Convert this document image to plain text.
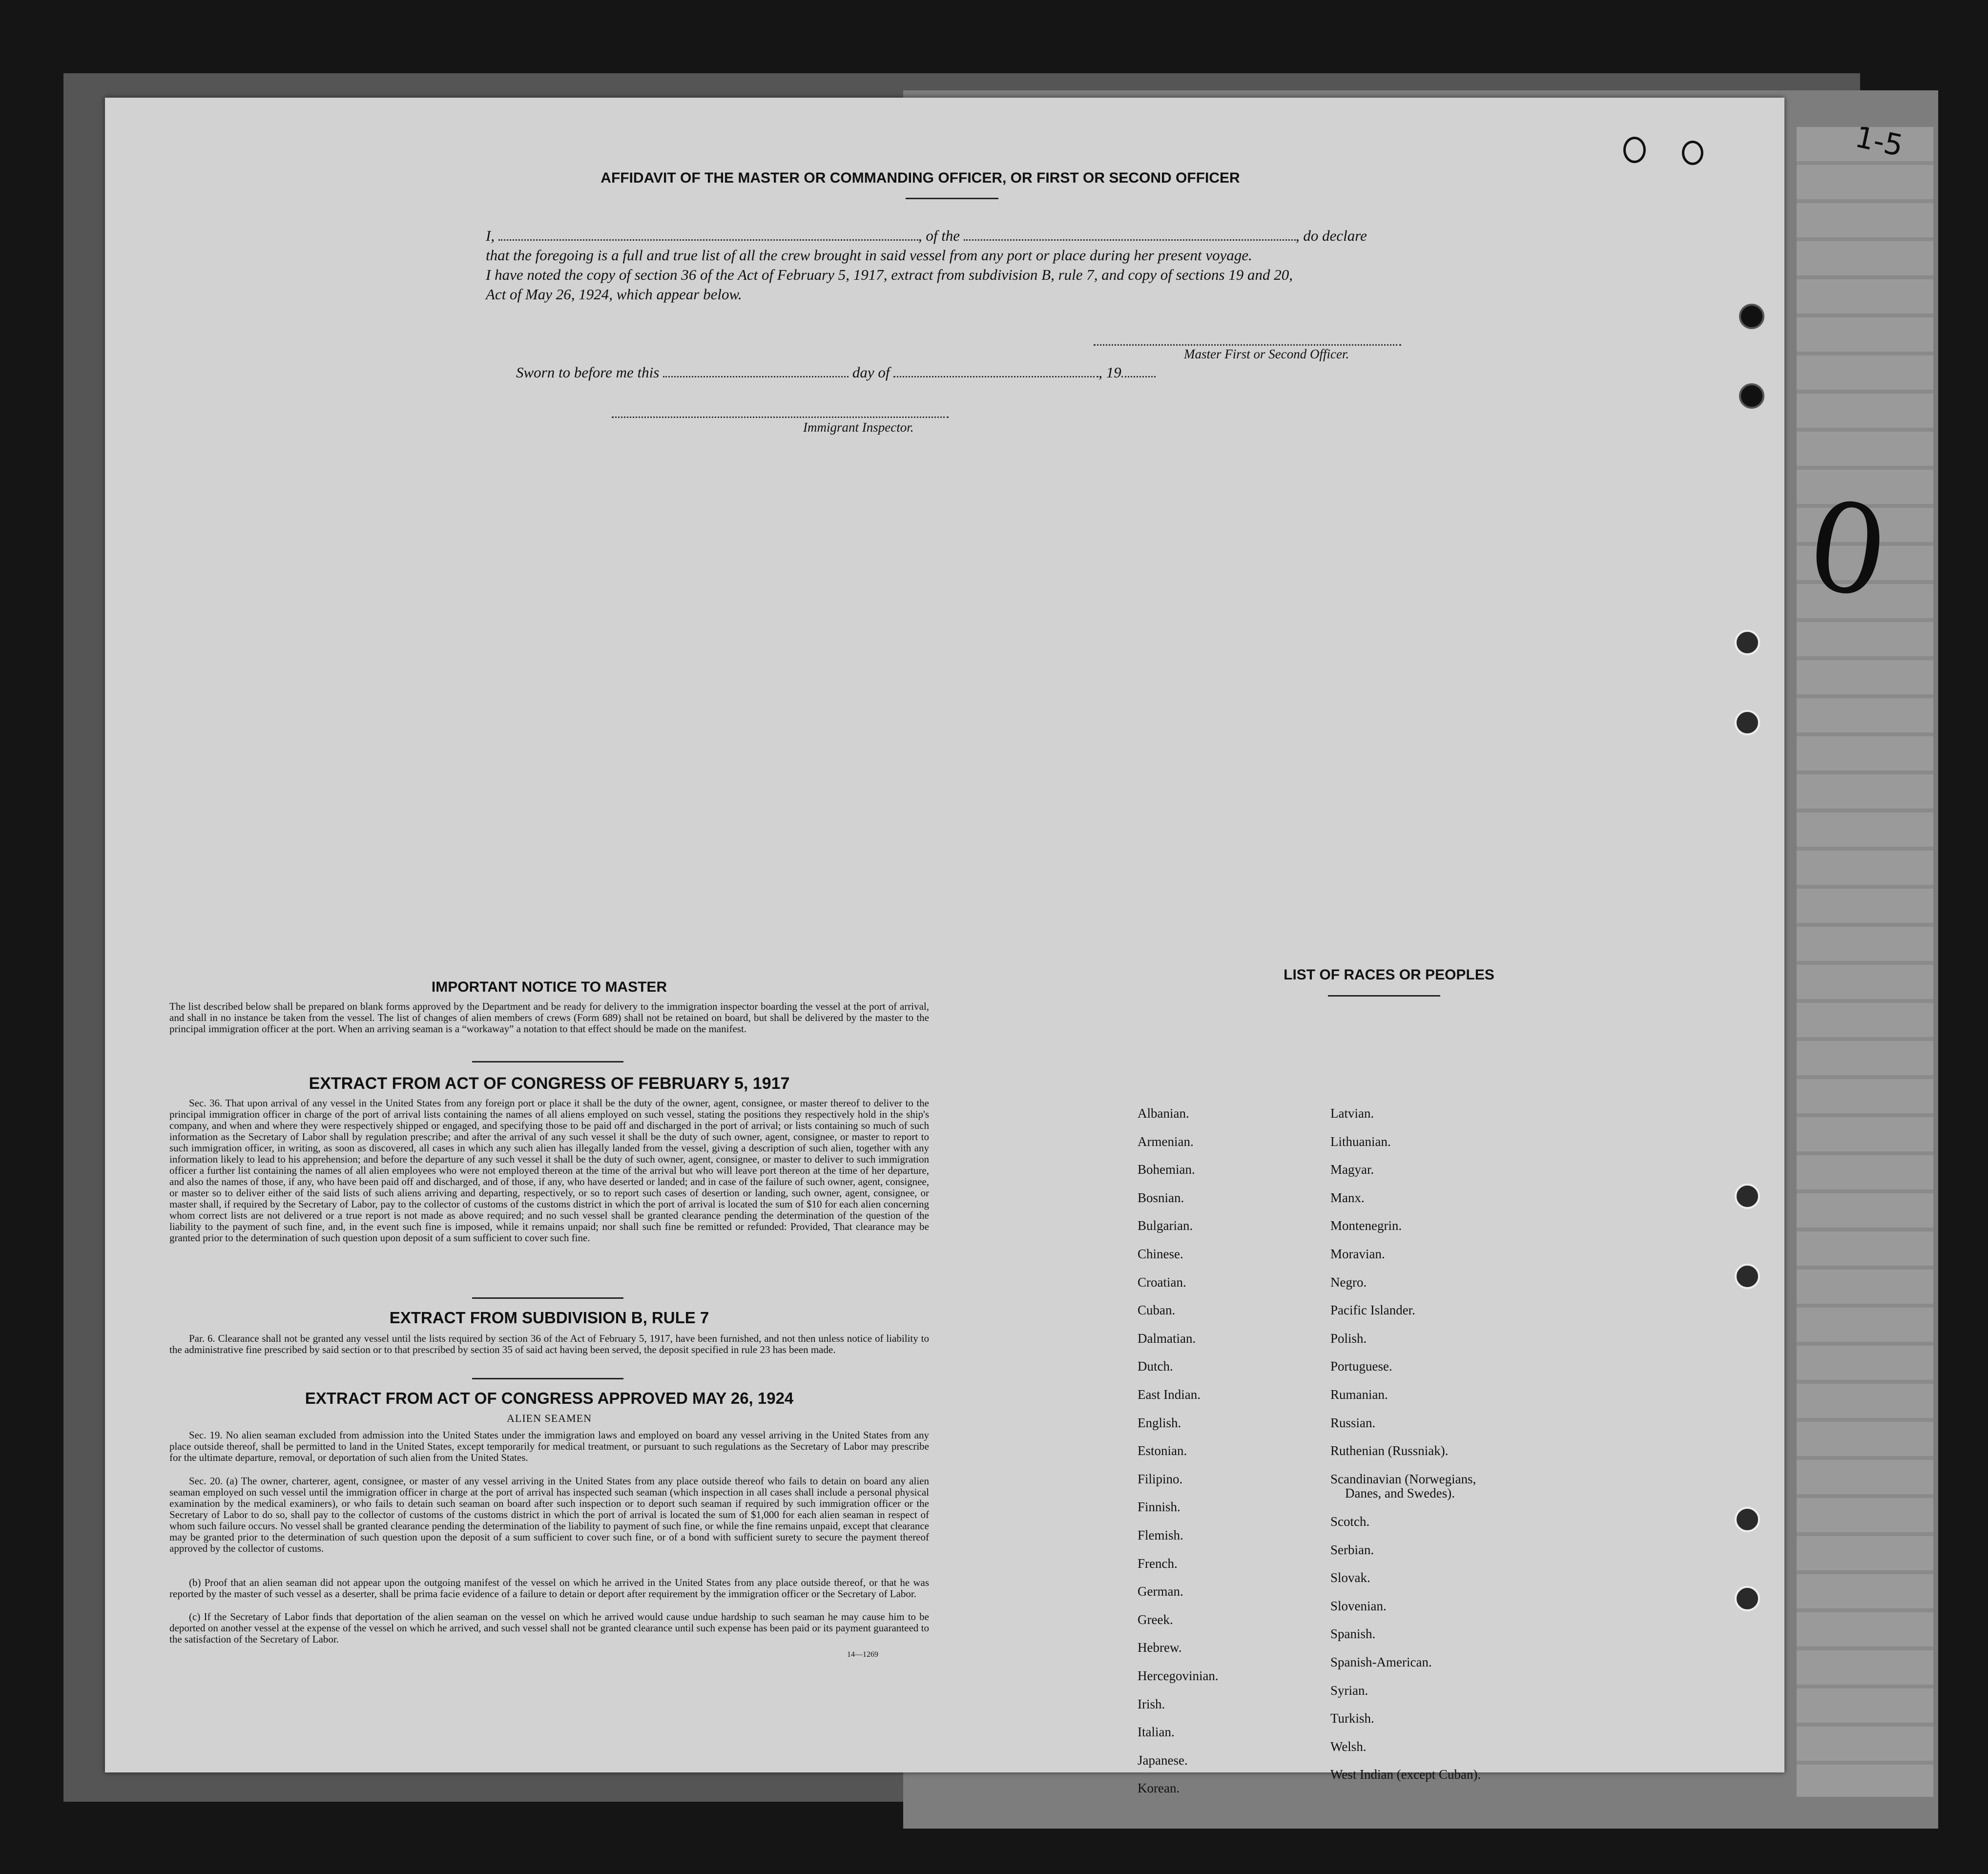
AFFIDAVIT OF THE MASTER OR COMMANDING OFFICER, OR FIRST OR SECOND OFFICER
I,	, of the	, do declare
that the foregoing is a full and true list of all the crew brought in said vessel from any port or place during her present voyage.
I have noted the copy of section 36 of the Act of February 5, 1917, extract from subdivision B, rule 7, and copy of sections 19 and 20,
Act of May 26, 1924, which appear below.
Master First or Second Officer.
Sworn to before me this	day of	, 19
Immigrant Inspector.
IMPORTANT NOTICE TO MASTER
The list described below shall be prepared on blank forms approved by the Department and be ready for delivery to the immigration inspector boarding the vessel at the port of arrival, and shall in no instance be taken from the vessel. The list of changes of alien members of crews (Form 689) shall not be retained on board, but shall be delivered by the master to the principal immigration officer at the port. When an arriving seaman is a “workaway” a notation to that effect should be made on the manifest.
EXTRACT FROM ACT OF CONGRESS OF FEBRUARY 5, 1917
Sec. 36. That upon arrival of any vessel in the United States from any foreign port or place it shall be the duty of the owner, agent, consignee, or master thereof to deliver to the principal immigration officer in charge of the port of arrival lists containing the names of all aliens employed on such vessel, stating the positions they respectively hold in the ship's company, and when and where they were respectively shipped or engaged, and specifying those to be paid off and discharged in the port of arrival; or lists containing so much of such information as the Secretary of Labor shall by regulation prescribe; and after the arrival of any such vessel it shall be the duty of such owner, agent, consignee, or master to report to such immigration officer, in writing, as soon as discovered, all cases in which any such alien has illegally landed from the vessel, giving a description of such alien, together with any information likely to lead to his apprehension; and before the departure of any such vessel it shall be the duty of such owner, agent, consignee, or master to deliver to such immigration officer a further list containing the names of all alien employees who were not employed thereon at the time of the arrival but who will leave port thereon at the time of her departure, and also the names of those, if any, who have been paid off and discharged, and of those, if any, who have deserted or landed; and in case of the failure of such owner, agent, consignee, or master so to deliver either of the said lists of such aliens arriving and departing, respectively, or so to report such cases of desertion or landing, such owner, agent, consignee, or master shall, if required by the Secretary of Labor, pay to the collector of customs of the customs district in which the port of arrival is located the sum of $10 for each alien concerning whom correct lists are not delivered or a true report is not made as above required; and no such vessel shall be granted clearance pending the determination of the question of the liability to the payment of such fine, and, in the event such fine is imposed, while it remains unpaid; nor shall such fine be remitted or refunded: Provided, That clearance may be granted prior to the determination of such question upon deposit of a sum sufficient to cover such fine.
EXTRACT FROM SUBDIVISION B, RULE 7
Par. 6. Clearance shall not be granted any vessel until the lists required by section 36 of the Act of February 5, 1917, have been furnished, and not then unless notice of liability to the administrative fine prescribed by said section or to that prescribed by section 35 of said act having been served, the deposit specified in rule 23 has been made.
EXTRACT FROM ACT OF CONGRESS APPROVED MAY 26, 1924
ALIEN SEAMEN
Sec. 19. No alien seaman excluded from admission into the United States under the immigration laws and employed on board any vessel arriving in the United States from any place outside thereof, shall be permitted to land in the United States, except temporarily for medical treatment, or pursuant to such regulations as the Secretary of Labor may prescribe for the ultimate departure, removal, or deportation of such alien from the United States.
Sec. 20. (a) The owner, charterer, agent, consignee, or master of any vessel arriving in the United States from any place outside thereof who fails to detain on board any alien seaman employed on such vessel until the immigration officer in charge at the port of arrival has inspected such seaman (which inspection in all cases shall include a personal physical examination by the medical examiners), or who fails to detain such seaman on board after such inspection or to deport such seaman if required by such immigration officer or the Secretary of Labor to do so, shall pay to the collector of customs of the customs district in which the port of arrival is located the sum of $1,000 for each alien seaman in respect of whom such failure occurs. No vessel shall be granted clearance pending the determination of the liability to payment of such fine, or while the fine remains unpaid, except that clearance may be granted prior to the determination of such question upon the deposit of a sum sufficient to cover such fine, or of a bond with sufficient surety to secure the payment thereof approved by the collector of customs.
(b) Proof that an alien seaman did not appear upon the outgoing manifest of the vessel on which he arrived in the United States from any place outside thereof, or that he was reported by the master of such vessel as a deserter, shall be prima facie evidence of a failure to detain or deport after requirement by the immigration officer or the Secretary of Labor.
(c) If the Secretary of Labor finds that deportation of the alien seaman on the vessel on which he arrived would cause undue hardship to such seaman he may cause him to be deported on another vessel at the expense of the vessel on which he arrived, and such vessel shall not be granted clearance until such expense has been paid or its payment guaranteed to the satisfaction of the Secretary of Labor.
14—1269
LIST OF RACES OR PEOPLES
Albanian.
Armenian.
Bohemian.
Bosnian.
Bulgarian.
Chinese.
Croatian.
Cuban.
Dalmatian.
Dutch.
East Indian.
English.
Estonian.
Filipino.
Finnish.
Flemish.
French.
German.
Greek.
Hebrew.
Hercegovinian.
Irish.
Italian.
Japanese.
Korean.
Latvian.
Lithuanian.
Magyar.
Manx.
Montenegrin.
Moravian.
Negro.
Pacific Islander.
Polish.
Portuguese.
Rumanian.
Russian.
Ruthenian (Russniak).
Scandinavian (Norwegians,
Danes, and Swedes).
Scotch.
Serbian.
Slovak.
Slovenian.
Spanish.
Spanish-American.
Syrian.
Turkish.
Welsh.
West Indian (except Cuban).
1-5
0
